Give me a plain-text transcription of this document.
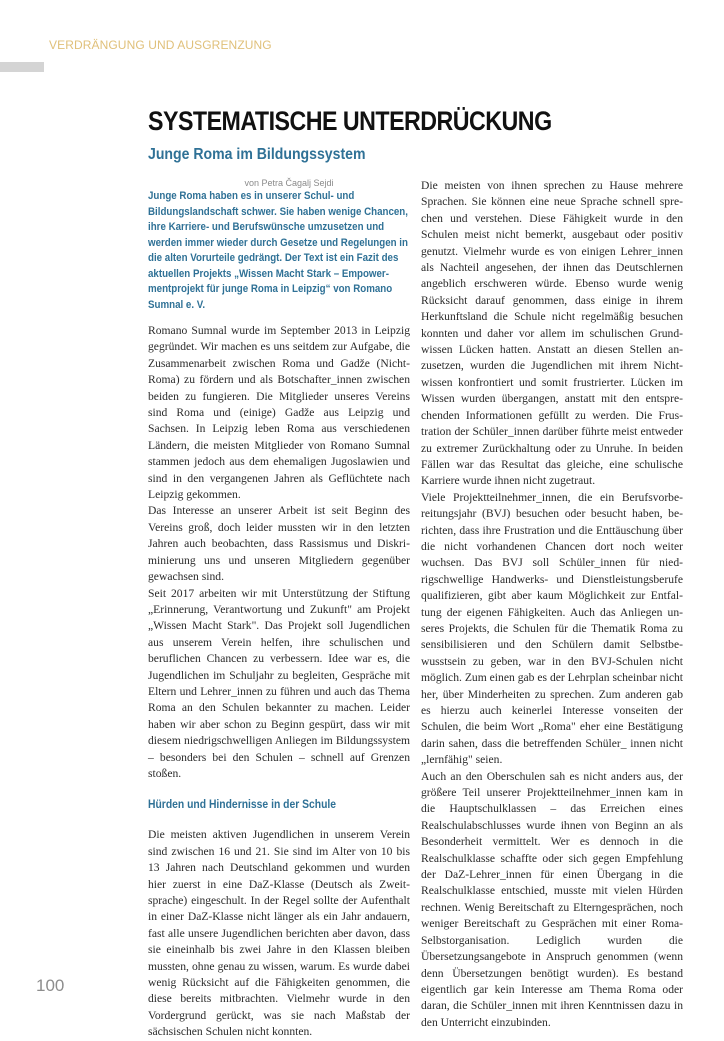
VERDRÄNGUNG UND AUSGRENZUNG
SYSTEMATISCHE UNTERDRÜCKUNG
Junge Roma im Bildungssystem

von Petra Čagalj Sejdi

Junge Roma haben es in unserer Schul- und Bildungslandschaft schwer. Sie haben wenige Chancen, ihre Karriere- und Berufswünsche umzusetzen und werden immer wieder durch Gesetze und Regelungen in die alten Vorurteile gedrängt. Der Text ist ein Fazit des aktuellen Projekts „Wissen Macht Stark – Empowermentprojekt für junge Roma in Leipzig“ von Romano Sumnal e. V.

Romano Sumnal wurde im September 2013 in Leipzig gegründet. Wir machen es uns seitdem zur Aufgabe, die Zusammenarbeit zwischen Roma und Gadže (Nicht-Roma) zu fördern und als Botschafter_innen zwischen beiden zu fungieren. Die Mitglieder unseres Vereins sind Roma und (einige) Gadže aus Leipzig und Sachsen. In Leipzig leben Roma aus verschiedenen Ländern, die meisten Mitglieder von Romano Sumnal stammen jedoch aus dem ehemaligen Jugoslawien und sind in den vergangenen Jahren als Geflüchtete nach Leipzig gekommen.

Das Interesse an unserer Arbeit ist seit Beginn des Vereins groß, doch leider mussten wir in den letzten Jahren auch beobachten, dass Rassismus und Diskriminierung uns und unseren Mitgliedern gegenüber gewachsen sind.

Seit 2017 arbeiten wir mit Unterstützung der Stiftung „Erinnerung, Verantwortung und Zukunft" am Projekt „Wissen Macht Stark". Das Projekt soll Jugendlichen aus unserem Verein helfen, ihre schulischen und beruflichen Chancen zu verbessern. Idee war es, die Jugendlichen im Schuljahr zu begleiten, Gespräche mit Eltern und Lehrer_innen zu führen und auch das Thema Roma an den Schulen bekannter zu machen. Leider haben wir aber schon zu Beginn gespürt, dass wir mit diesem niedrigschwelligen Anliegen im Bildungssystem – besonders bei den Schulen – schnell auf Grenzen stoßen.

Hürden und Hindernisse in der Schule

Die meisten aktiven Jugendlichen in unserem Verein sind zwischen 16 und 21. Sie sind im Alter von 10 bis 13 Jahren nach Deutschland gekommen und wurden hier zuerst in eine DaZ-Klasse (Deutsch als Zweitsprache) eingeschult. In der Regel sollte der Aufenthalt in einer DaZ-Klasse nicht länger als ein Jahr andauern, fast alle unsere Jugendlichen berichten aber davon, dass sie eineinhalb bis zwei Jahre in den Klassen bleiben mussten, ohne genau zu wissen, warum. Es wurde dabei wenig Rücksicht auf die Fähigkeiten genommen, die diese bereits mitbrachten. Vielmehr wurde in den Vordergrund gerückt, was sie nach Maßstab der sächsischen Schulen nicht konnten.

Die meisten von ihnen sprechen zu Hause mehrere Sprachen. Sie können eine neue Sprache schnell sprechen und verstehen. Diese Fähigkeit wurde in den Schulen meist nicht bemerkt, ausgebaut oder positiv genutzt. Vielmehr wurde es von einigen Lehrer_innen als Nachteil angesehen, der ihnen das Deutschlernen angeblich erschweren würde. Ebenso wurde wenig Rücksicht darauf genommen, dass einige in ihrem Herkunftsland die Schule nicht regelmäßig besuchen konnten und daher vor allem im schulischen Grundwissen Lücken hatten. Anstatt an diesen Stellen anzusetzen, wurden die Jugendlichen mit ihrem Nichtwissen konfrontiert und somit frustrierter. Lücken im Wissen wurden übergangen, anstatt mit den entsprechenden Informationen gefüllt zu werden. Die Frustration der Schüler_innen darüber führte meist entweder zu extremer Zurückhaltung oder zu Unruhe. In beiden Fällen war das Resultat das gleiche, eine schulische Karriere wurde ihnen nicht zugetraut.

Viele Projektteilnehmer_innen, die ein Berufsvorbereitungsjahr (BVJ) besuchen oder besucht haben, berichten, dass ihre Frustration und die Enttäuschung über die nicht vorhandenen Chancen dort noch weiter wuchsen. Das BVJ soll Schüler_innen für niedrigschwellige Handwerks- und Dienstleistungsberufe qualifizieren, gibt aber kaum Möglichkeit zur Entfaltung der eigenen Fähigkeiten. Auch das Anliegen unseres Projekts, die Schulen für die Thematik Roma zu sensibilisieren und den Schülern damit Selbstbewusstsein zu geben, war in den BVJ-Schulen nicht möglich. Zum einen gab es der Lehrplan scheinbar nicht her, über Minderheiten zu sprechen. Zum anderen gab es hierzu auch keinerlei Interesse vonseiten der Schulen, die beim Wort „Roma" eher eine Bestätigung darin sahen, dass die betreffenden Schüler_ innen nicht „lernfähig" seien.

Auch an den Oberschulen sah es nicht anders aus, der größere Teil unserer Projektteilnehmer_innen kam in die Hauptschulklassen – das Erreichen eines Realschulabschlusses wurde ihnen von Beginn an als Besonderheit vermittelt. Wer es dennoch in die Realschulklasse schaffte oder sich gegen Empfehlung der DaZ-Lehrer_innen für einen Übergang in die Realschulklasse entschied, musste mit vielen Hürden rechnen. Wenig Bereitschaft zu Elterngesprächen, noch weniger Bereitschaft zu Gesprächen mit einer Roma-Selbstorganisation. Lediglich wurden die Übersetzungsangebote in Anspruch genommen (wenn denn Übersetzungen benötigt wurden). Es bestand eigentlich gar kein Interesse am Thema Roma oder daran, die Schüler_innen mit ihren Kenntnissen dazu in den Unterricht einzubinden.

100
